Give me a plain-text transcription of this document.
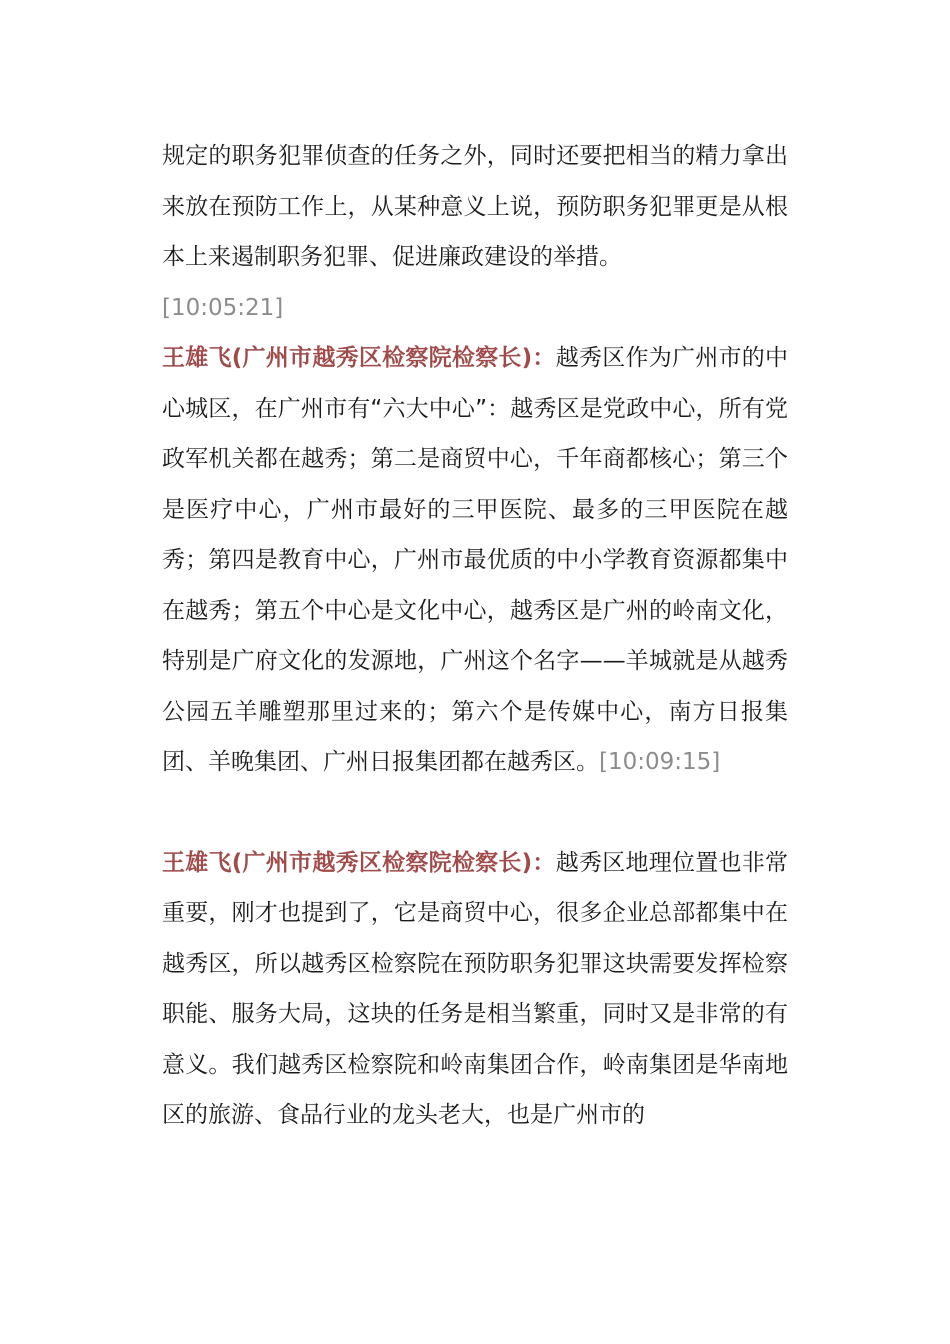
规定的职务犯罪侦查的任务之外，同时还要把相当的精力拿出来放在预防工作上，从某种意义上说，预防职务犯罪更是从根本上来遏制职务犯罪、促进廉政建设的举措。

[10:05:21]

王雄飞(广州市越秀区检察院检察长)：越秀区作为广州市的中心城区，在广州市有“六大中心”：越秀区是党政中心，所有党政军机关都在越秀；第二是商贸中心，千年商都核心；第三个是医疗中心，广州市最好的三甲医院、最多的三甲医院在越秀；第四是教育中心，广州市最优质的中小学教育资源都集中在越秀；第五个中心是文化中心，越秀区是广州的岭南文化，特别是广府文化的发源地，广州这个名字——羊城就是从越秀公园五羊雕塑那里过来的；第六个是传媒中心，南方日报集团、羊晚集团、广州日报集团都在越秀区。[10:09:15]

王雄飞(广州市越秀区检察院检察长)：越秀区地理位置也非常重要，刚才也提到了，它是商贸中心，很多企业总部都集中在越秀区，所以越秀区检察院在预防职务犯罪这块需要发挥检察职能、服务大局，这块的任务是相当繁重，同时又是非常的有意义。我们越秀区检察院和岭南集团合作，岭南集团是华南地区的旅游、食品行业的龙头老大，也是广州市的
